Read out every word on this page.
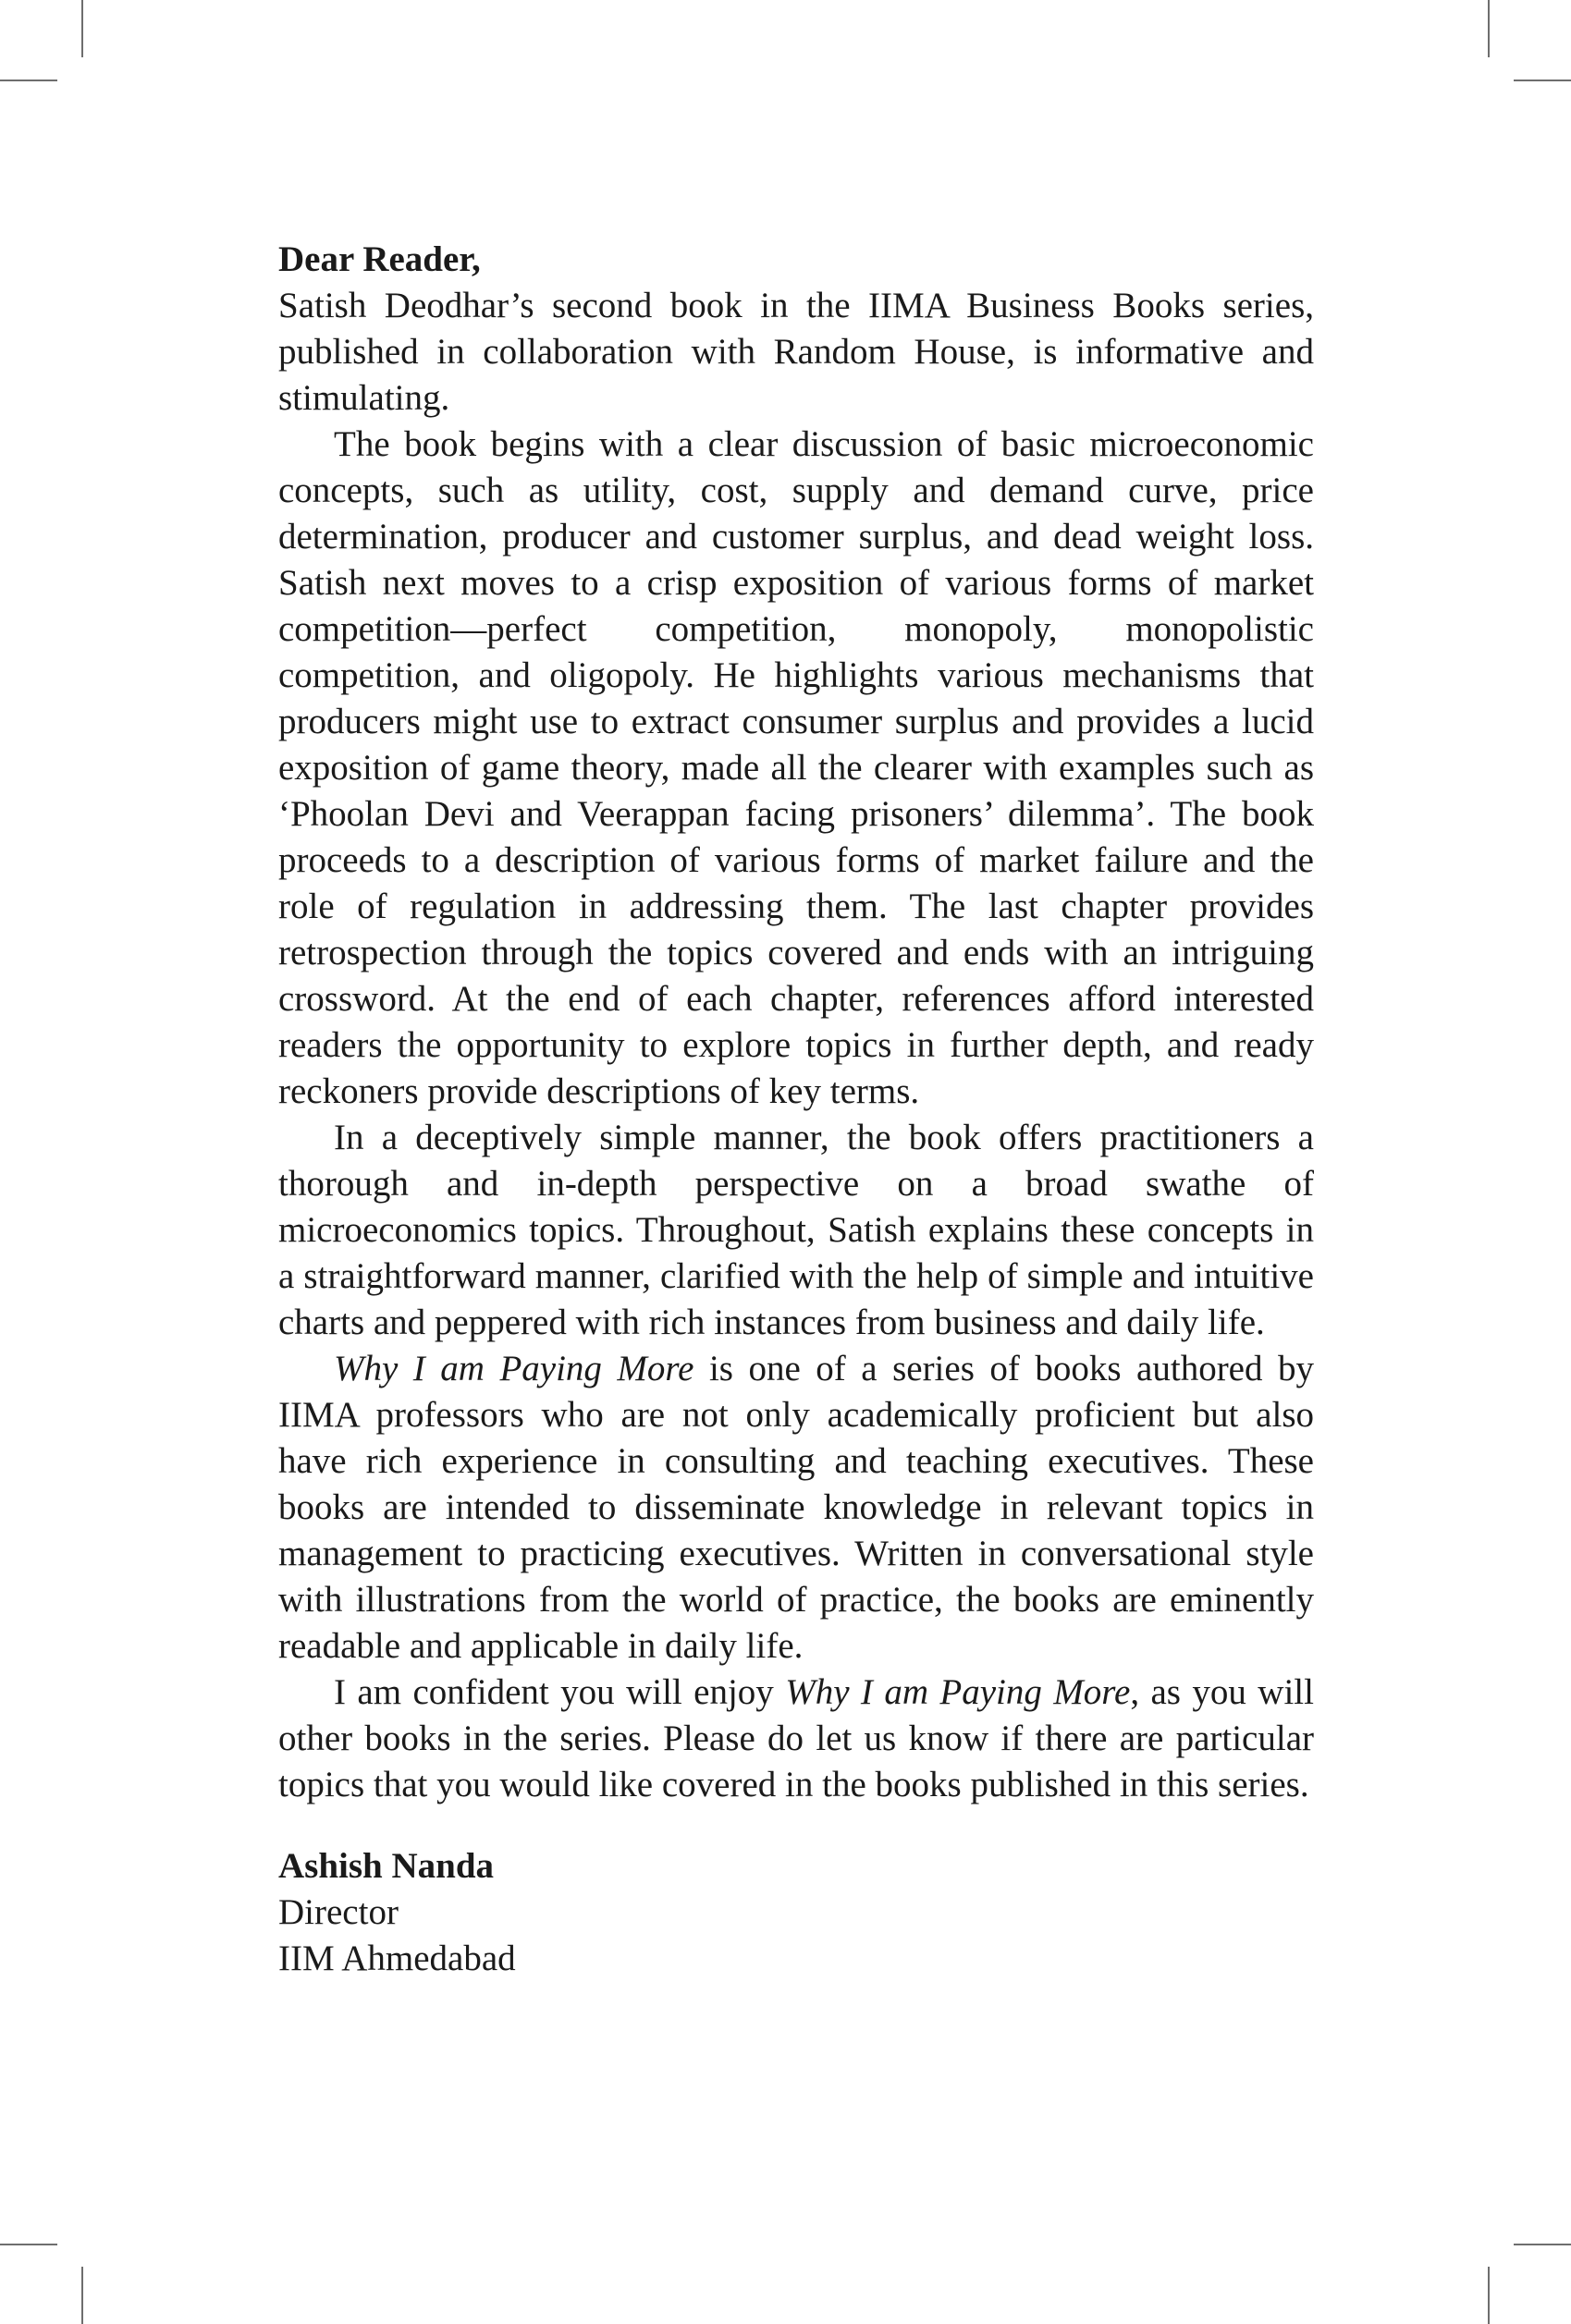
Dear Reader,

Satish Deodhar’s second book in the IIMA Business Books series, published in collaboration with Random House, is informative and stimulating.

The book begins with a clear discussion of basic microeconomic concepts, such as utility, cost, supply and demand curve, price determination, producer and customer surplus, and dead weight loss. Satish next moves to a crisp exposition of various forms of market competition—perfect competition, monopoly, monopolistic competition, and oligopoly. He highlights various mechanisms that producers might use to extract consumer surplus and provides a lucid exposition of game theory, made all the clearer with examples such as ‘Phoolan Devi and Veerappan facing prisoners’ dilemma’. The book proceeds to a description of various forms of market failure and the role of regulation in addressing them. The last chapter provides retrospection through the topics covered and ends with an intriguing crossword. At the end of each chapter, references afford interested readers the opportunity to explore topics in further depth, and ready reckoners provide descriptions of key terms.

In a deceptively simple manner, the book offers practitioners a thorough and in-depth perspective on a broad swathe of microeconomics topics. Throughout, Satish explains these concepts in a straightforward manner, clarified with the help of simple and intuitive charts and peppered with rich instances from business and daily life.

Why I am Paying More is one of a series of books authored by IIMA professors who are not only academically proficient but also have rich experience in consulting and teaching executives. These books are intended to disseminate knowledge in relevant topics in management to practicing executives. Written in conversational style with illustrations from the world of practice, the books are eminently readable and applicable in daily life.

I am confident you will enjoy Why I am Paying More, as you will other books in the series. Please do let us know if there are particular topics that you would like covered in the books published in this series.

Ashish Nanda

Director

IIM Ahmedabad
